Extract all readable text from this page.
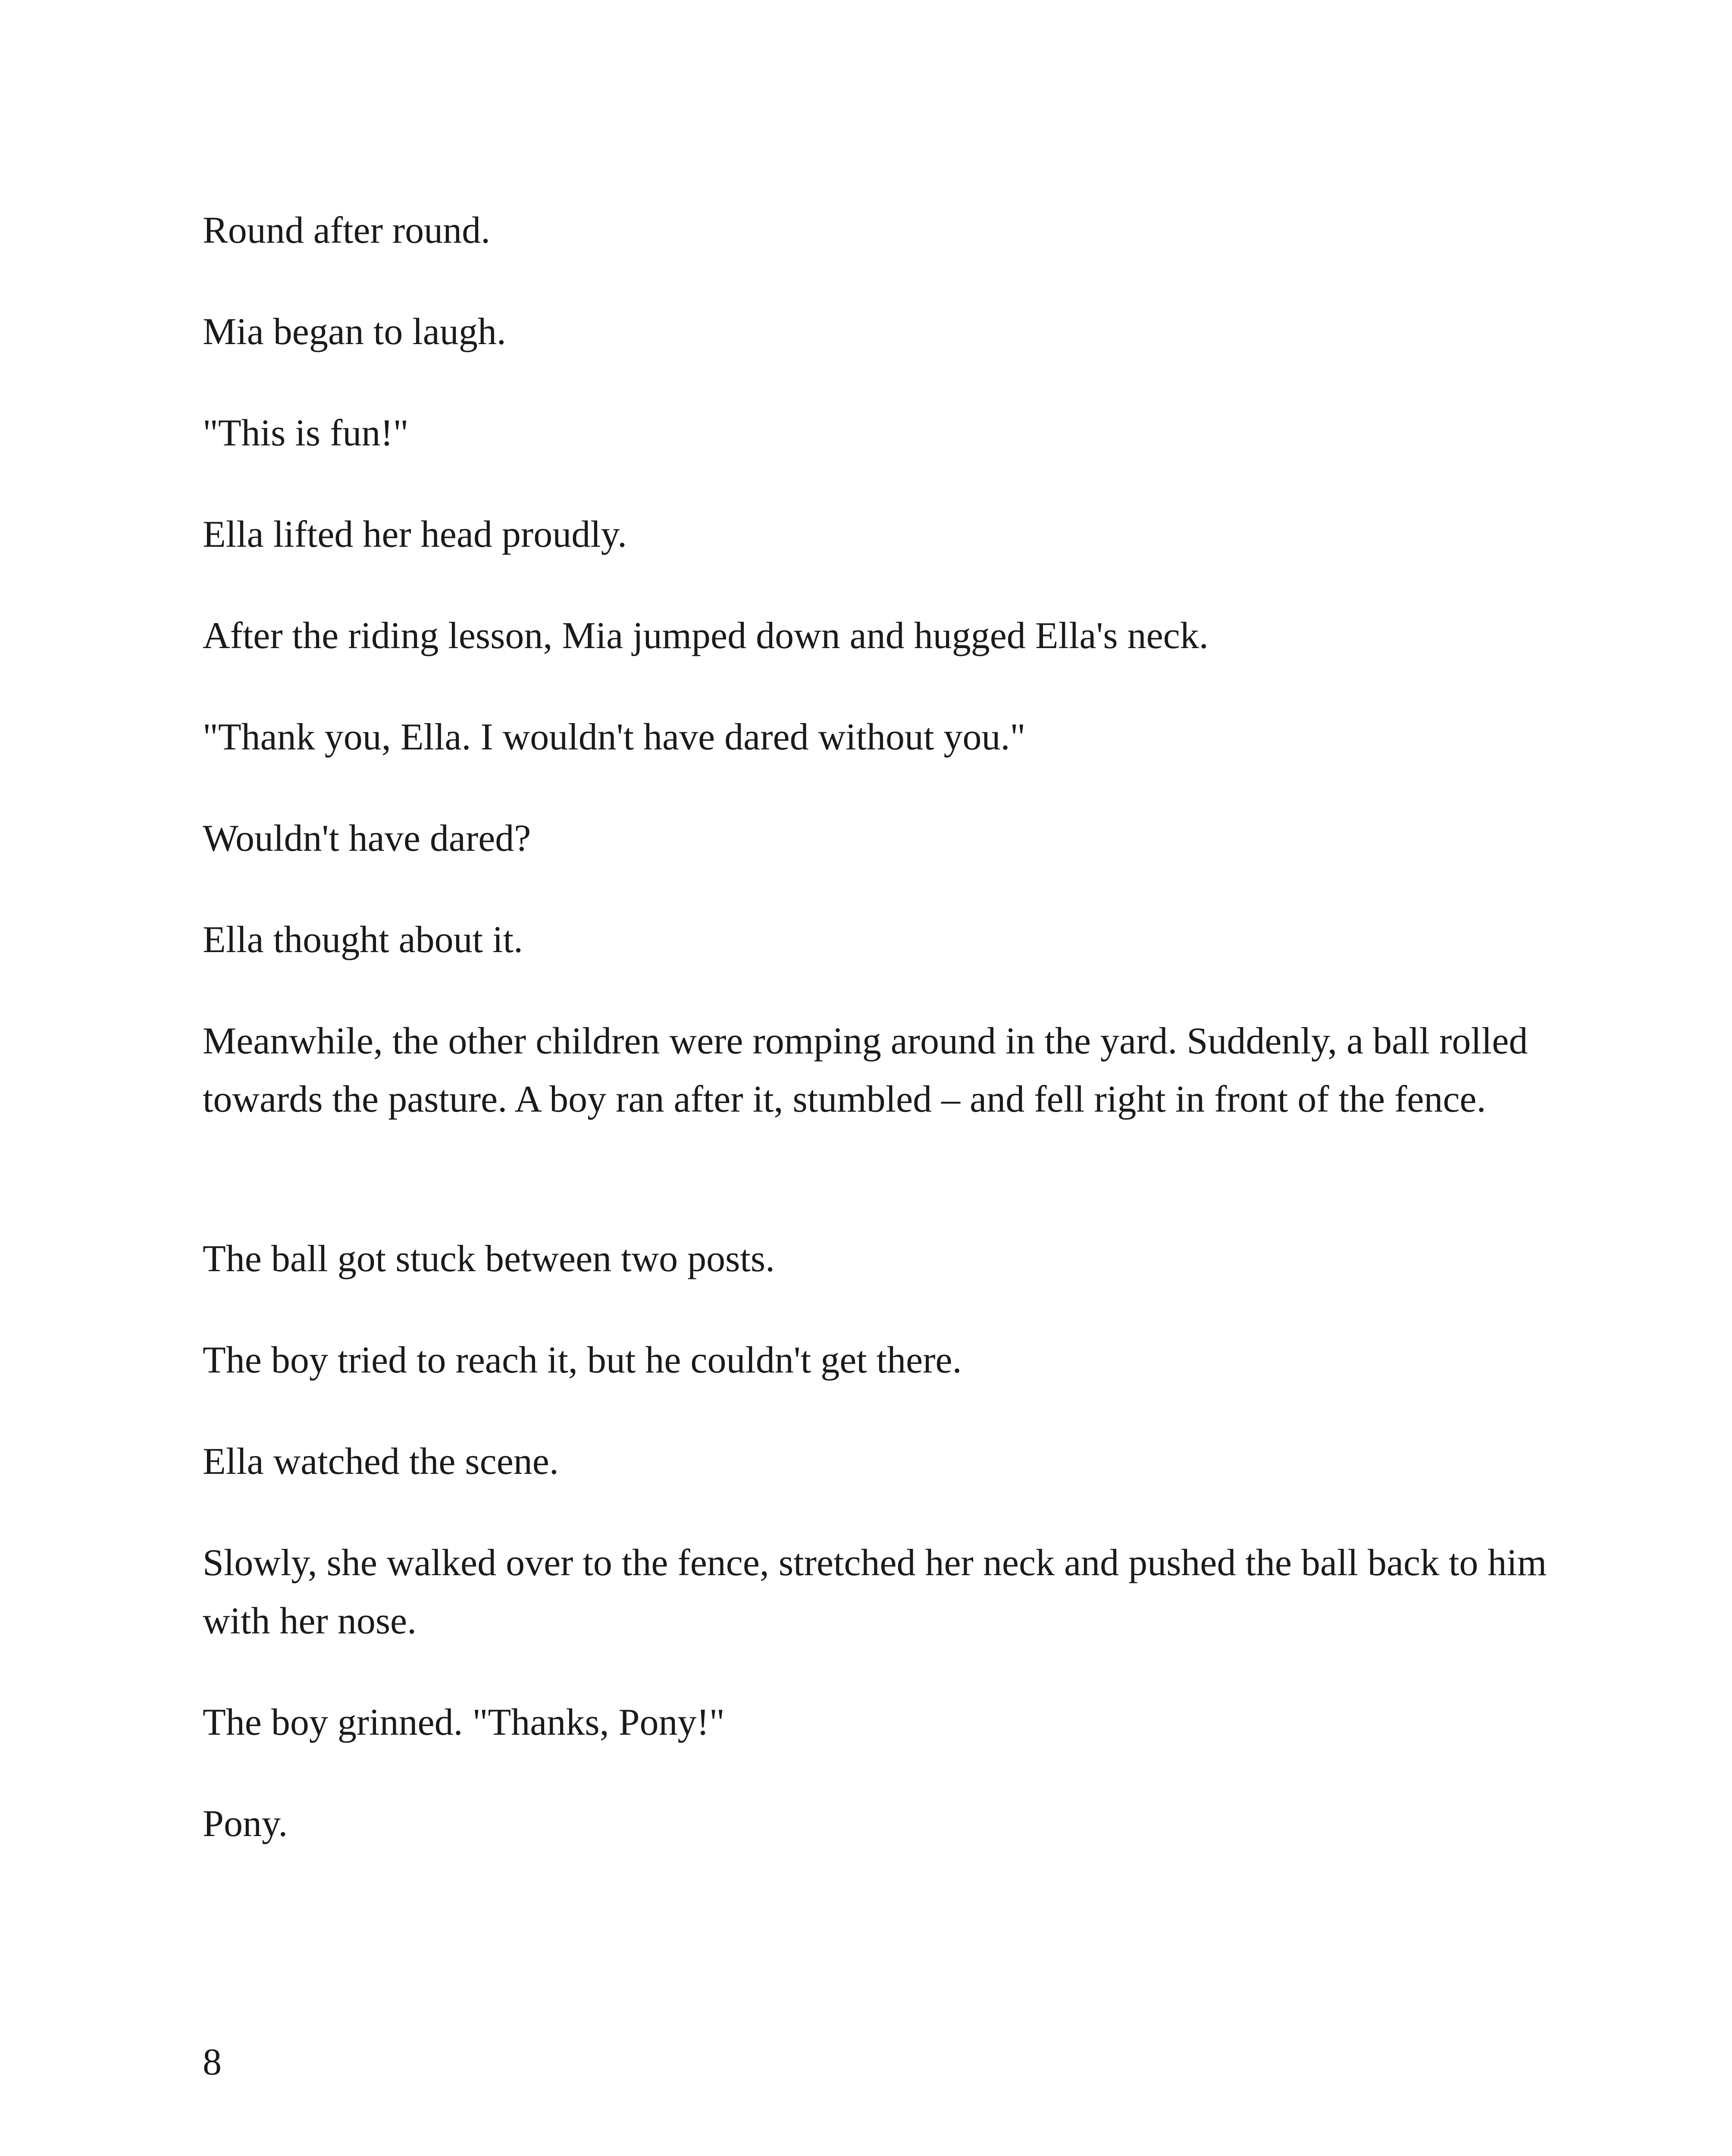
Round after round.

Mia began to laugh.

"This is fun!"

Ella lifted her head proudly.

After the riding lesson, Mia jumped down and hugged Ella's neck.

"Thank you, Ella. I wouldn't have dared without you."

Wouldn't have dared?

Ella thought about it.

Meanwhile, the other children were romping around in the yard. Suddenly, a ball rolled towards the pasture. A boy ran after it, stumbled – and fell right in front of the fence.

The ball got stuck between two posts.

The boy tried to reach it, but he couldn't get there.

Ella watched the scene.

Slowly, she walked over to the fence, stretched her neck and pushed the ball back to him with her nose.

The boy grinned. "Thanks, Pony!"

Pony.

8
